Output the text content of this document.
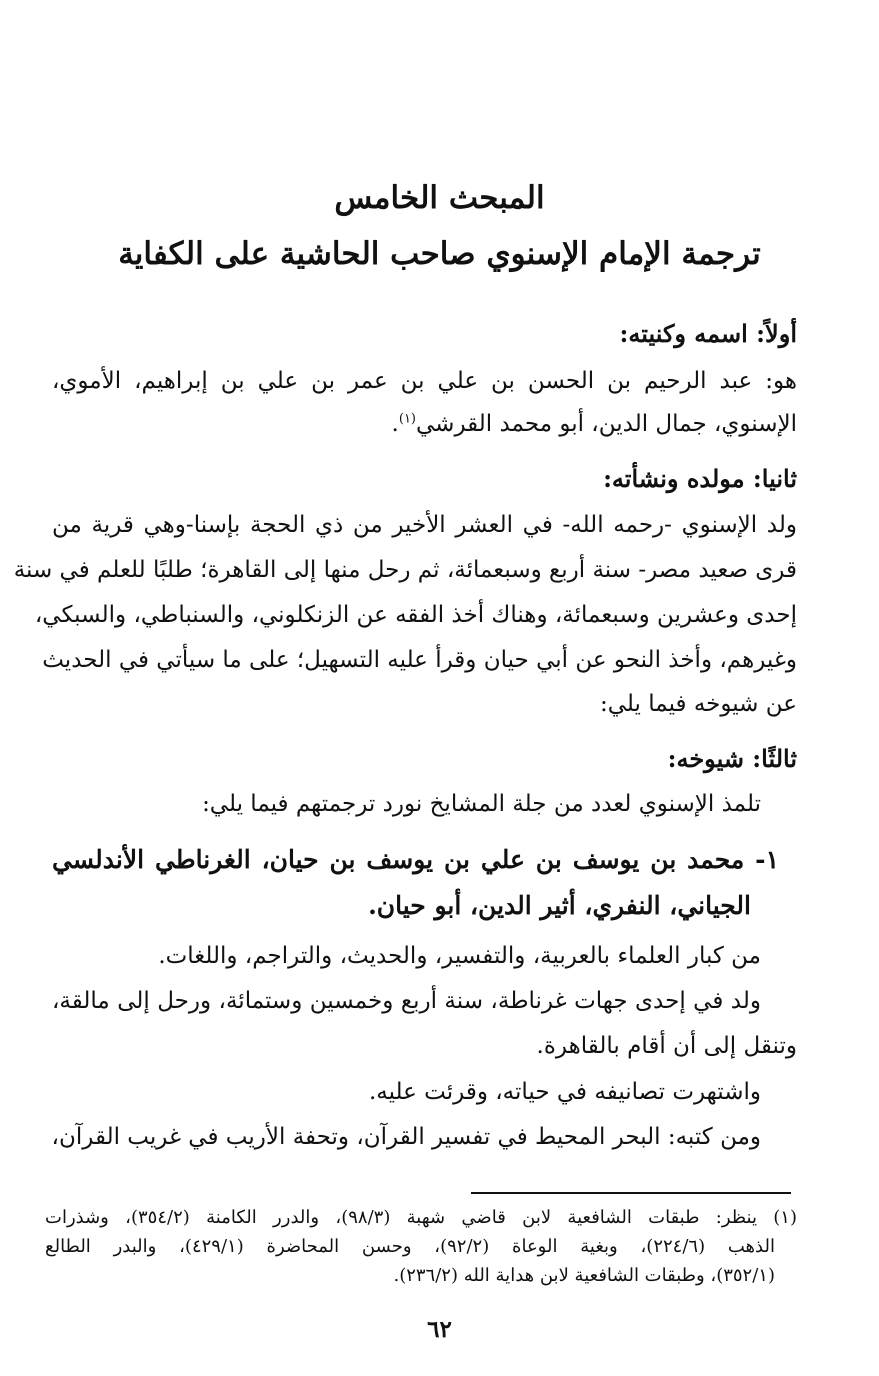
المبحث الخامس
ترجمة الإمام الإسنوي صاحب الحاشية على الكفاية
أولاً: اسمه وكنيته:
هو: عبد الرحيم بن الحسن بن علي بن عمر بن علي بن إبراهيم، الأموي،
الإسنوي، جمال الدين، أبو محمد القرشي$^{(١)}$.
ثانيا: مولده ونشأته:
ولد الإسنوي -رحمه الله- في العشر الأخير من ذي الحجة بإسنا-وهي قرية من
قرى صعيد مصر- سنة أربع وسبعمائة، ثم رحل منها إلى القاهرة؛ طلبًا للعلم في سنة
إحدى وعشرين وسبعمائة، وهناك أخذ الفقه عن الزنكلوني، والسنباطي، والسبكي،
وغيرهم، وأخذ النحو عن أبي حيان وقرأ عليه التسهيل؛ على ما سيأتي في الحديث
عن شيوخه فيما يلي:
ثالثًا: شيوخه:
تلمذ الإسنوي لعدد من جلة المشايخ نورد ترجمتهم فيما يلي:
١- محمد بن يوسف بن علي بن يوسف بن حيان، الغرناطي الأندلسي
الجياني، النفري، أثير الدين، أبو حيان.
من كبار العلماء بالعربية، والتفسير، والحديث، والتراجم، واللغات.
ولد في إحدى جهات غرناطة، سنة أربع وخمسين وستمائة، ورحل إلى مالقة،
وتنقل إلى أن أقام بالقاهرة.
واشتهرت تصانيفه في حياته، وقرئت عليه.
ومن كتبه: البحر المحيط في تفسير القرآن، وتحفة الأريب في غريب القرآن،
(١) ينظر: طبقات الشافعية لابن قاضي شهبة (٩٨/٣)، والدرر الكامنة (٣٥٤/٢)، وشذرات
الذهب (٢٢٤/٦)، وبغية الوعاة (٩٢/٢)، وحسن المحاضرة (٤٢٩/١)، والبدر الطالع
(٣٥٢/١)، وطبقات الشافعية لابن هداية الله (٢٣٦/٢).
٦٢
